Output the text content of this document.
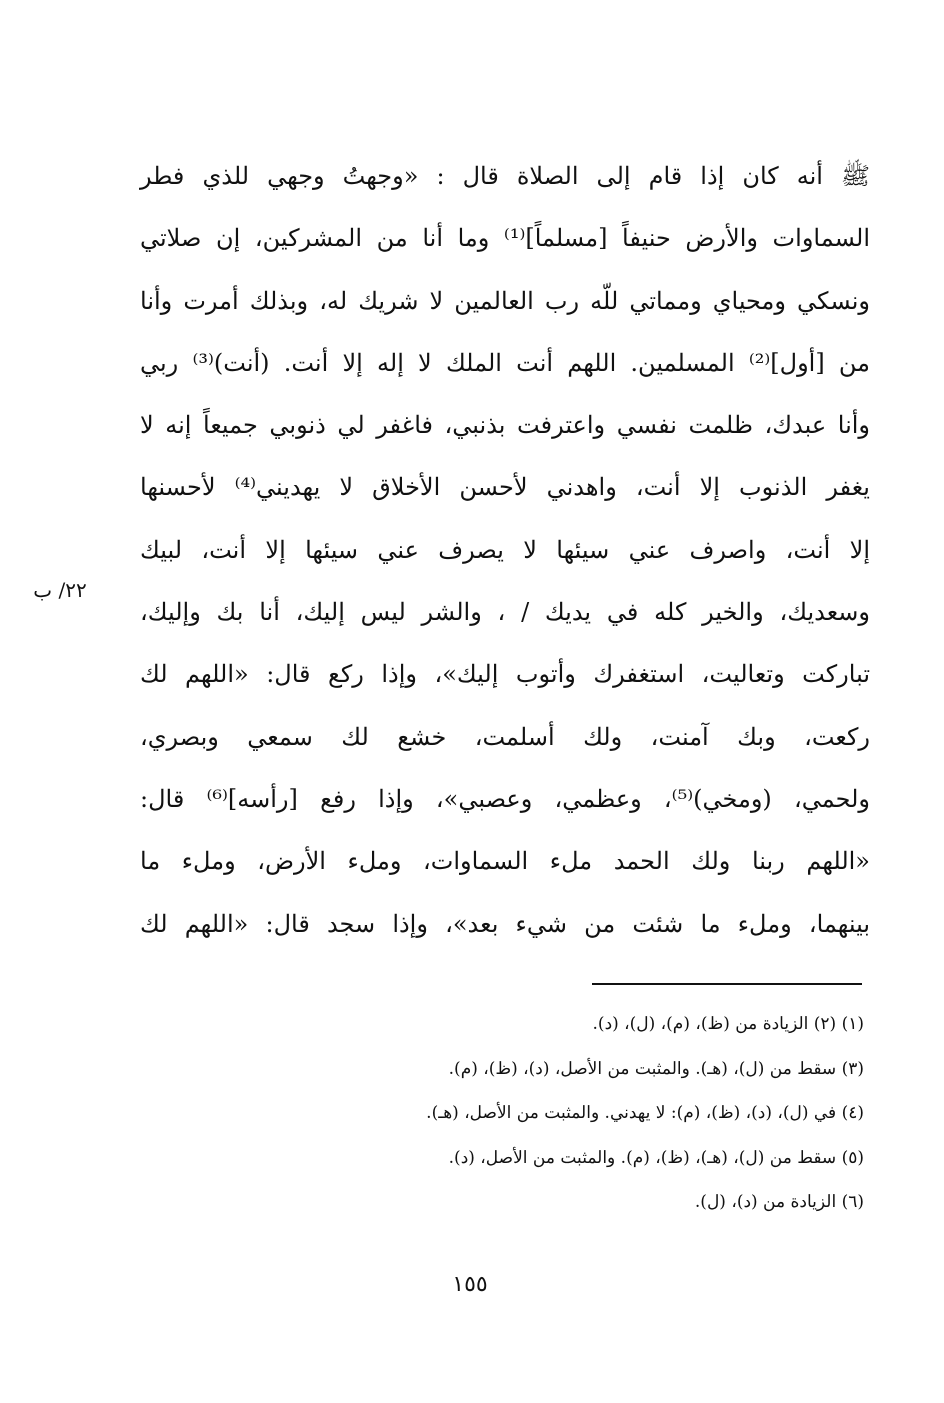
ﷺ أنه كان إذا قام إلى الصلاة قال : «وجهتُ وجهي للذي فطر
السماوات والأرض حنيفاً [مسلماً]⁽¹⁾ وما أنا من المشركين، إن صلاتي
ونسكي ومحياي ومماتي للّه رب العالمين لا شريك له، وبذلك أمرت وأنا
من [أول]⁽²⁾ المسلمين. اللهم أنت الملك لا إله إلا أنت. (أنت)⁽³⁾ ربي
وأنا عبدك، ظلمت نفسي واعترفت بذنبي، فاغفر لي ذنوبي جميعاً إنه لا
يغفر الذنوب إلا أنت، واهدني لأحسن الأخلاق لا يهديني⁽⁴⁾ لأحسنها
إلا أنت، واصرف عني سيئها لا يصرف عني سيئها إلا أنت، لبيك
وسعديك، والخير كله في يديك / ، والشر ليس إليك، أنا بك وإليك،
تباركت وتعاليت، استغفرك وأتوب إليك»، وإذا ركع قال: «اللهم لك
ركعت، وبك آمنت، ولك أسلمت، خشع لك سمعي وبصري،
ولحمي، (ومخي)⁽⁵⁾، وعظمي، وعصبي»، وإذا رفع [رأسه]⁽⁶⁾ قال:
«اللهم ربنا ولك الحمد ملء السماوات، وملء الأرض، وملء ما
بينهما، وملء ما شئت من شيء بعد»، وإذا سجد قال: «اللهم لك
٢٢/ ب
(١) (٢) الزيادة من (ظ)، (م)، (ل)، (د).
(٣) سقط من (ل)، (هـ). والمثبت من الأصل، (د)، (ظ)، (م).
(٤) في (ل)، (د)، (ظ)، (م): لا يهدني. والمثبت من الأصل، (هـ).
(٥) سقط من (ل)، (هـ)، (ظ)، (م). والمثبت من الأصل، (د).
(٦) الزيادة من (د)، (ل).
١٥٥
